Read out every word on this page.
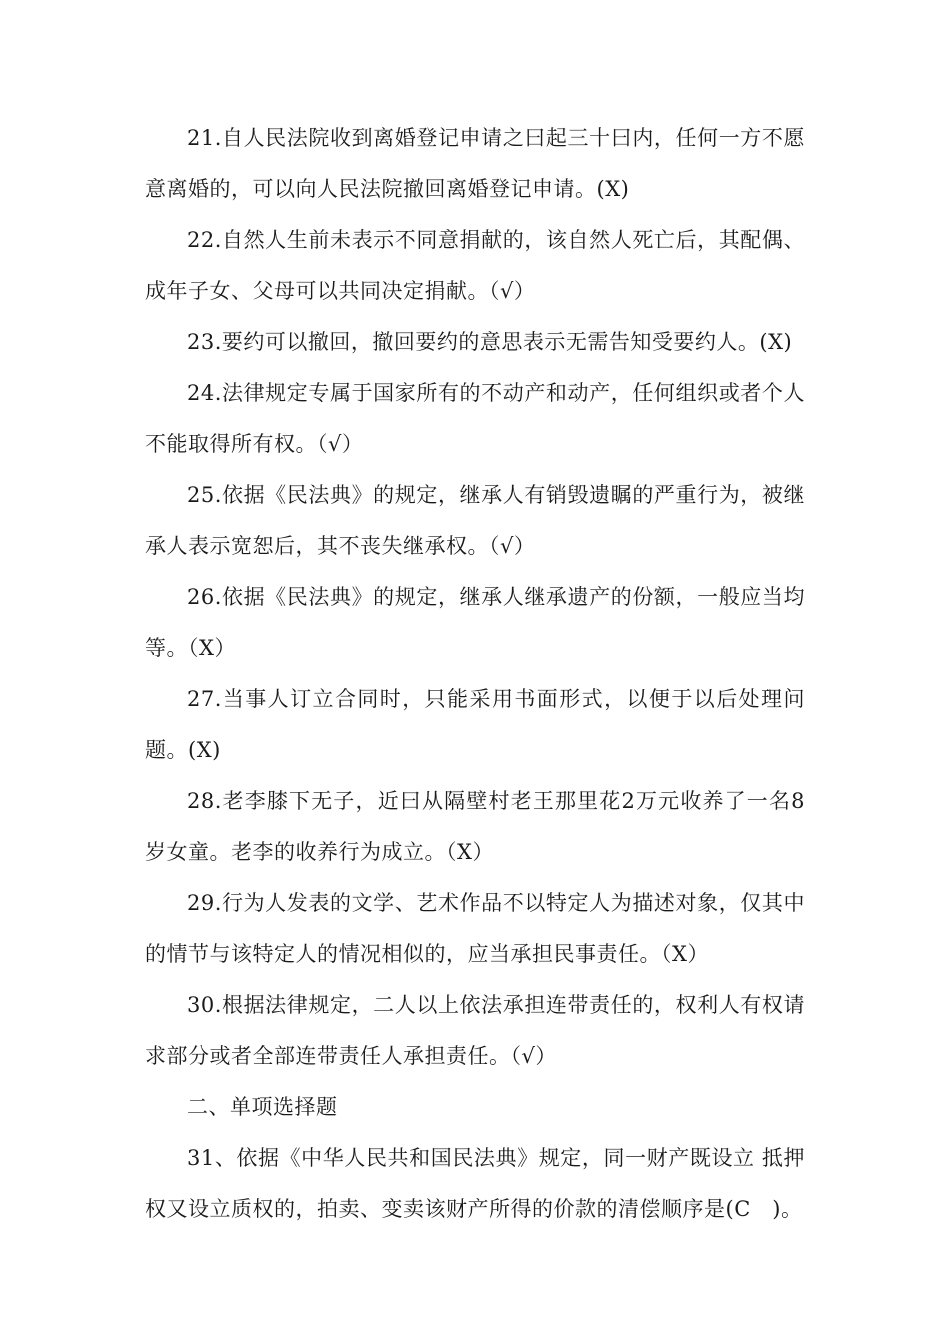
21.自人民法院收到离婚登记申请之曰起三十曰内，任何一方不愿意离婚的，可以向人民法院撤回离婚登记申请。(X)

22.自然人生前未表示不同意捐献的，该自然人死亡后，其配偶、成年子女、父母可以共同决定捐献。（√）

23.要约可以撤回，撤回要约的意思表示无需告知受要约人。(X)

24.法律规定专属于国家所有的不动产和动产，任何组织或者个人不能取得所有权。（√）

25.依据《民法典》的规定，继承人有销毁遗瞩的严重行为，被继承人表示宽恕后，其不丧失继承权。（√）

26.依据《民法典》的规定，继承人继承遗产的份额，一般应当均等。（X）

27.当事人订立合同时，只能采用书面形式，以便于以后处理问题。(X)

28.老李膝下无子，近曰从隔壁村老王那里花2万元收养了一名8岁女童。老李的收养行为成立。（X）

29.行为人发表的文学、艺术作品不以特定人为描述对象，仅其中的情节与该特定人的情况相似的，应当承担民事责任。（X）

30.根据法律规定，二人以上依法承担连带责任的，权利人有权请求部分或者全部连带责任人承担责任。（√）

二、单项选择题

31、依据《中华人民共和国民法典》规定，同一财产既设立 抵押权又设立质权的，拍卖、变卖该财产所得的价款的清偿顺序是(C　)。
